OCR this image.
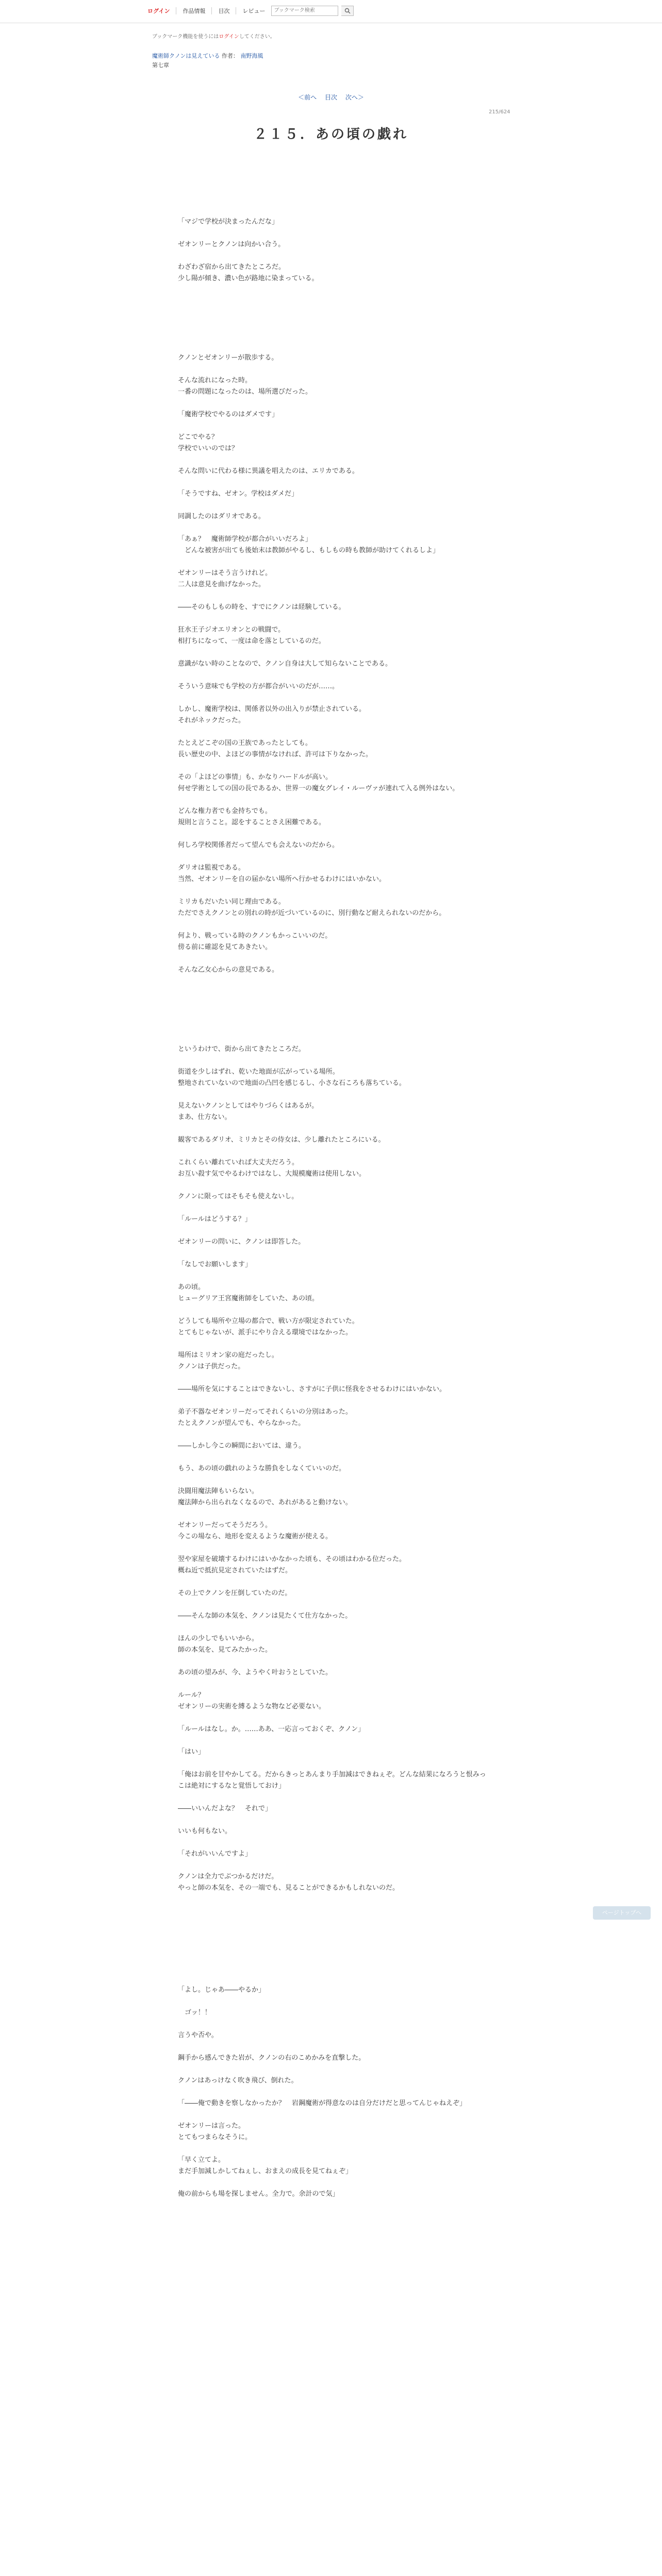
ログイン	作品情報	目次	レビュー
ブックマーク検索
ブックマーク機能を使うにはログインしてください。
魔術師クノンは見えている 作者： 南野海風
第七章
＜前へ 目次 次へ＞
215/624
２１５．あの頃の戯れ

「マジで学校が決まったんだな」

ゼオンリーとクノンは向かい合う。

わざわざ宿から出てきたところだ。

少し陽が傾き、濃い色が路地に染まっている。

クノンとゼオンリーが散歩する。

そんな流れになった時。

一番の問題になったのは、場所選びだった。

「魔術学校でやるのはダメです」

どこでやる？

学校でいいのでは？

そんな問いに代わる様に異議を唱えたのは、エリカである。

「そうですね、ゼオン。学校はダメだ」

同調したのはダリオである。

「あぁ？　魔術師学校が都合がいいだろよ」

　どんな被害が出ても後始末は教師がやるし、もしもの時も教師が助けてくれるしよ」

ゼオンリーはそう言うけれど。

二人は意見を曲げなかった。

――そのもしもの時を、すでにクノンは経験している。

狂水王子ジオエリオンとの戦闘で。

相打ちになって、一度は命を落としているのだ。

意識がない時のことなので、クノン自身は大して知らないことである。

そういう意味でも学校の方が都合がいいのだが……。

しかし、魔術学校は、関係者以外の出入りが禁止されている。

それがネックだった。

たとえどこぞの国の王族であったとしても。

長い歴史の中、よほどの事情がなければ、許可は下りなかった。

その「よほどの事情」も、かなりハードルが高い。

何せ学術としての国の長であるか、世界一の魔女グレイ・ルーヴァが連れて入る例外はない。

どんな権力者でも金持ちでも。

規則と言うこと。認をすることさえ困難である。

何しろ学校関係者だって望んでも会えないのだから。

ダリオは監視である。

当然、ゼオンリーを自の届かない場所へ行かせるわけにはいかない。

ミリカもだいたい同じ理由である。

ただでさえクノンとの別れの時が近づいているのに、別行動など耐えられないのだから。

何より、戦っている時のクノンもかっこいいのだ。

傍る前に確認を見てあきたい。

そんな乙女心からの意見である。

というわけで、街から出てきたところだ。

街道を少しはずれ、乾いた地面が広がっている場所。

整地されていないので地面の凸凹を感じるし、小さな石ころも落ちている。

見えないクノンとしてはやりづらくはあるが。

まあ、仕方ない。

観客であるダリオ、ミリカとその侍女は、少し離れたところにいる。

これくらい離れていれば大丈夫だろう。

お互い殺す気でやるわけではなし、大規模魔術は使用しない。

クノンに限ってはそもそも使えないし。

「ルールはどうする？」

ゼオンリーの問いに、クノンは即答した。

「なしでお願いします」

あの頃。

ヒューグリア王宮魔術師をしていた、あの頃。

どうしても場所や立場の都合で、戦い方が限定されていた。

とてもじゃないが、派手にやり合える環境ではなかった。

場所はミリオン家の庭だったし。

クノンは子供だった。

――場所を気にすることはできないし、さすがに子供に怪我をさせるわけにはいかない。

弟子不器なゼオンリーだってそれくらいの分別はあった。

たとえクノンが望んでも、やらなかった。

――しかし今この瞬間においては、違う。

もう、あの頃の戯れのような勝負をしなくていいのだ。

決闘用魔法陣もいらない。

魔法陣から出られなくなるので、あれがあると動けない。

ゼオンリーだってそうだろう。

今この場なら、地形を変えるような魔術が使える。

翌や家屋を破壊するわけにはいかなかった頃も、その頃はわかる位だった。

概ね近で抵抗見定されていたはずだ。

その上でクノンを圧倒していたのだ。

――そんな師の本気を、クノンは見たくて仕方なかった。

ほんの少しでもいいから。

師の本気を、見てみたかった。

あの頃の望みが、今、ようやく叶おうとしていた。

ルール？

ゼオンリーの実術を縛るような物など必要ない。

「ルールはなし。か。……ああ、一応言っておくぞ、クノン」

「はい」

「俺はお前を甘やかしてる。だからきっとあんまり手加減はできねぇぞ。どんな結果になろうと恨みっこは絶対にするなと覚悟しておけ」

――いいんだよな？　それで」

いいも何もない。

「それがいいんですよ」

クノンは全力でぶつかるだけだ。

やっと師の本気を、その一端でも、見ることができるかもしれないのだ。

「よし。じゃあ――やるか」

　ゴッ！！

言うや否や。

鋼手から感んできた岩が、クノンの右のこめかみを直撃した。

クノンはあっけなく吹き飛び、倒れた。

「――俺で動きを察しなかったか？　岩鋼魔術が得意なのは自分だけだと思ってんじゃねえぞ」

ゼオンリーは言った。

とてもつまらなそうに。

「早く立てよ。

まだ手加減しかしてねぇし、おまえの成長を見てねぇぞ」

俺の前からも場を探しません。全力で。余計ので気」

ページトップへ
